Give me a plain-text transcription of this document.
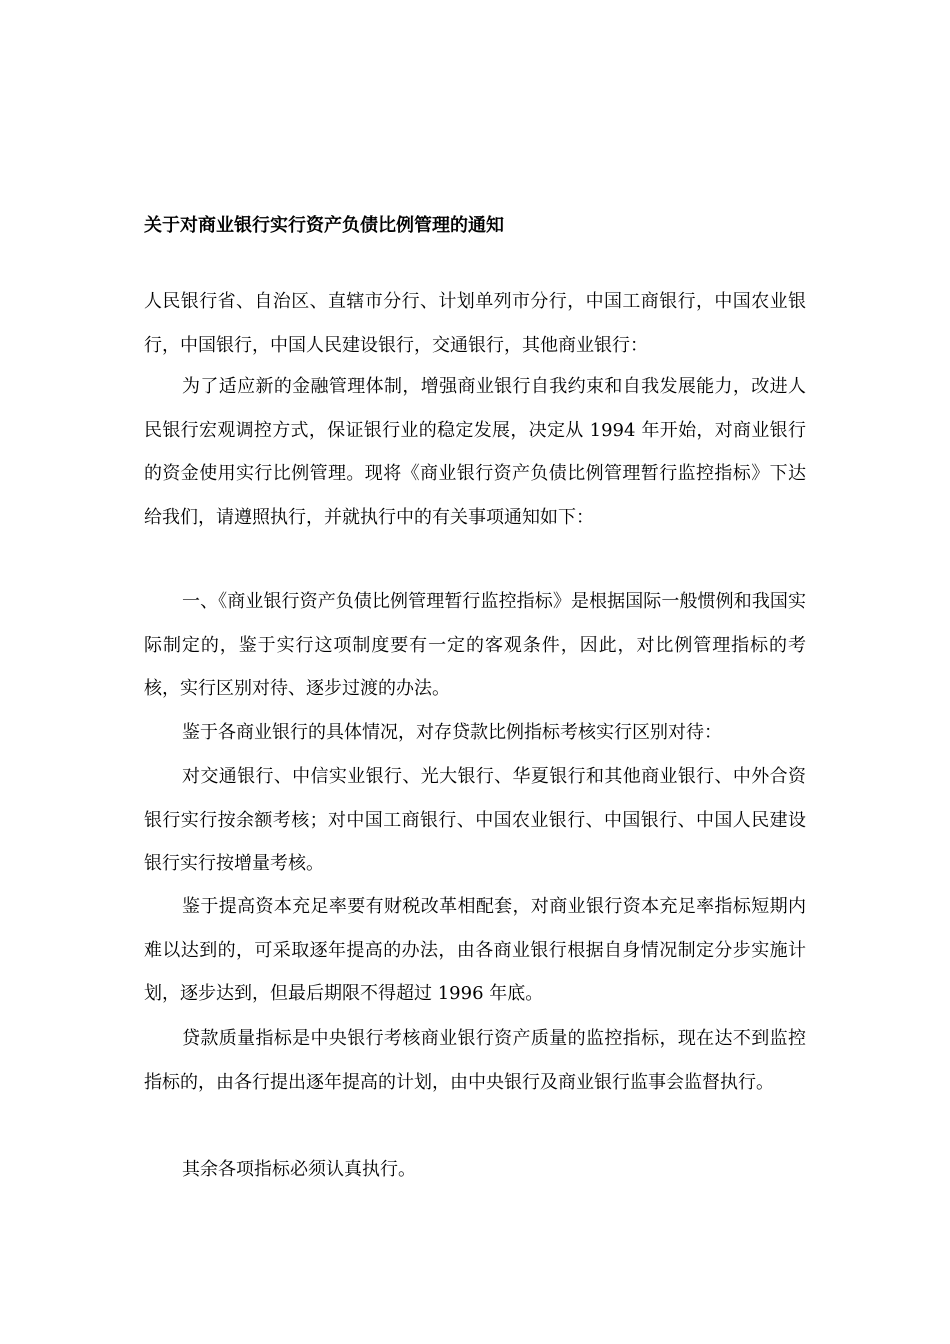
关于对商业银行实行资产负债比例管理的通知

人民银行省、自治区、直辖市分行、计划单列市分行，中国工商银行，中国农业银行，中国银行，中国人民建设银行，交通银行，其他商业银行：

为了适应新的金融管理体制，增强商业银行自我约束和自我发展能力，改进人民银行宏观调控方式，保证银行业的稳定发展，决定从 1994 年开始，对商业银行的资金使用实行比例管理。现将《商业银行资产负债比例管理暂行监控指标》下达给我们，请遵照执行，并就执行中的有关事项通知如下：

一、《商业银行资产负债比例管理暂行监控指标》是根据国际一般惯例和我国实际制定的，鉴于实行这项制度要有一定的客观条件，因此，对比例管理指标的考核，实行区别对待、逐步过渡的办法。

鉴于各商业银行的具体情况，对存贷款比例指标考核实行区别对待：

对交通银行、中信实业银行、光大银行、华夏银行和其他商业银行、中外合资银行实行按余额考核；对中国工商银行、中国农业银行、中国银行、中国人民建设银行实行按增量考核。

鉴于提高资本充足率要有财税改革相配套，对商业银行资本充足率指标短期内难以达到的，可采取逐年提高的办法，由各商业银行根据自身情况制定分步实施计划，逐步达到，但最后期限不得超过 1996 年底。

贷款质量指标是中央银行考核商业银行资产质量的监控指标，现在达不到监控指标的，由各行提出逐年提高的计划，由中央银行及商业银行监事会监督执行。

其余各项指标必须认真执行。
